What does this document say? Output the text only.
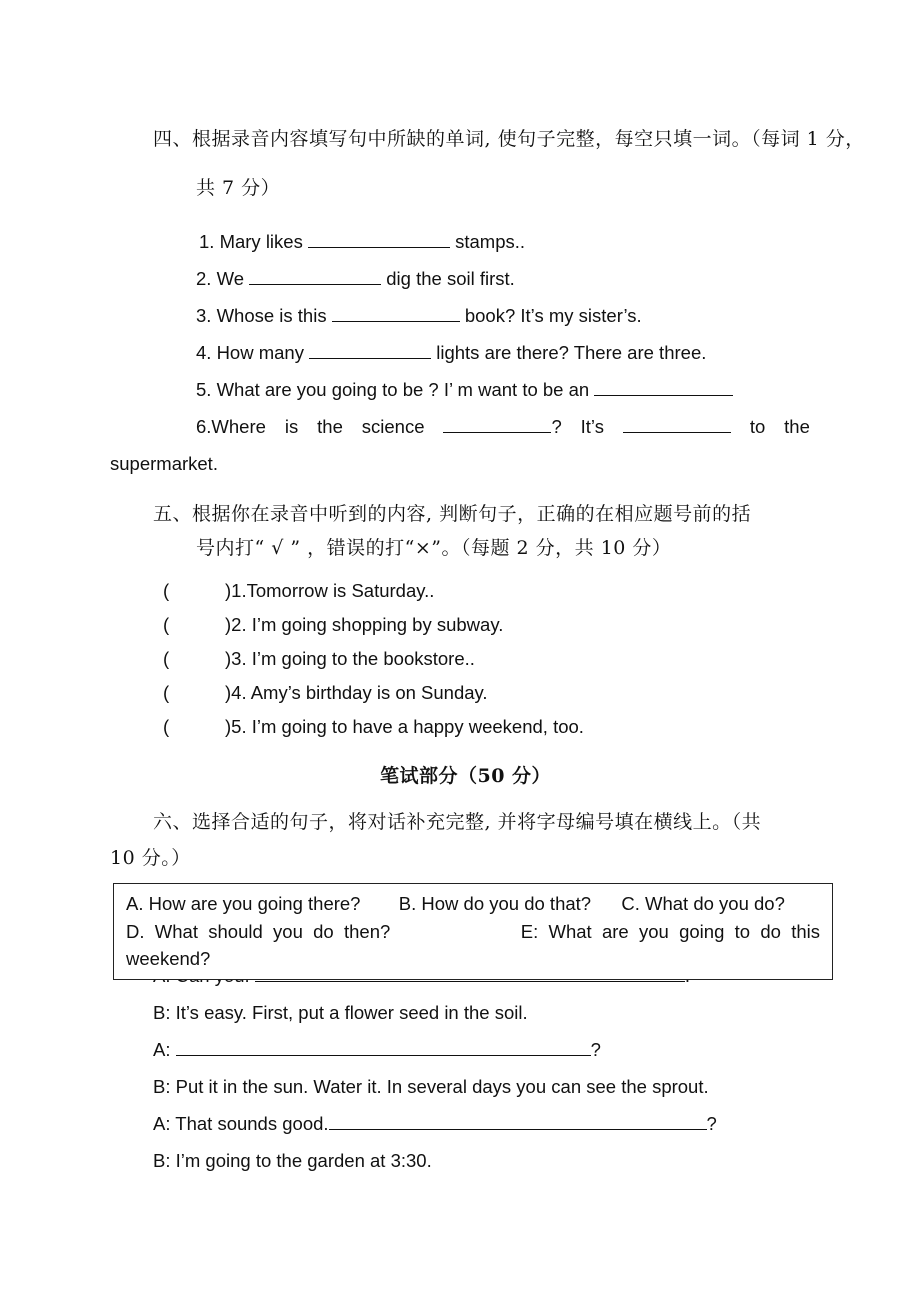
四、根据录音内容填写句中所缺的单词, 使句子完整，每空只填一词。（每词 1 分，
共 7 分）
1. Mary likes	stamps..
2. We	dig the soil first.
3. Whose is this	book? It’s my sister’s.
4. How many	lights are there? There are three.
5. What are you going to be ? I’ m want to be an
6.Where is the science	? It’s	to the
supermarket.
五、根据你在录音中听到的内容, 判断句子，正确的在相应题号前的括
号内打“ √ ” ，错误的打“×”。（每题 2 分，共 10 分）
(	)1.Tomorrow is Saturday..
(	)2. I’m going shopping by subway.
(	)3. I’m going to the bookstore..
(	)4. Amy’s birthday is on Sunday.
(	)5. I’m going to have a happy weekend, too.
笔试部分（50 分）
六、选择合适的句子，将对话补充完整, 并将字母编号填在横线上。（共
10 分。）
A. How are you going there? B. How do you do that? C. What do you do?
D.  What  should  you  do  then?	E:  What  are  you  going  to  do  this
weekend?
B: It’s easy. First, put a flower seed in the soil.
A:	?
B: Put it in the sun. Water it. In several days you can see the sprout.
A: That sounds good.	?
B: I’m going to the garden at 3:30.
